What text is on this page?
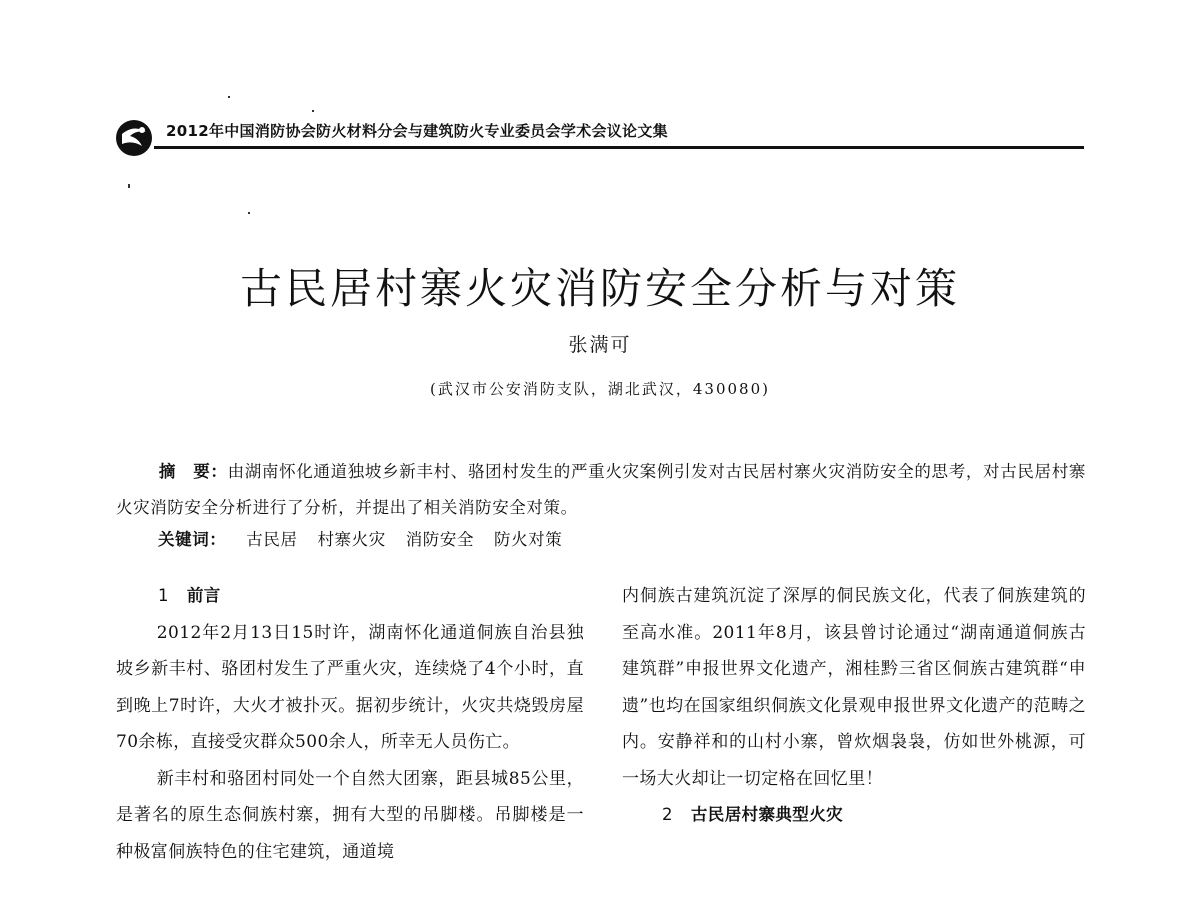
2012年中国消防协会防火材料分会与建筑防火专业委员会学术会议论文集
古民居村寨火灾消防安全分析与对策
张满可
(武汉市公安消防支队，湖北武汉，430080)
摘　要：由湖南怀化通道独坡乡新丰村、骆团村发生的严重火灾案例引发对古民居村寨火灾消防安全的思考，对古民居村寨火灾消防安全分析进行了分析，并提出了相关消防安全对策。
关键词： 古民居 村寨火灾 消防安全 防火对策

1 前言

2012年2月13日15时许，湖南怀化通道侗族自治县独坡乡新丰村、骆团村发生了严重火灾，连续烧了4个小时，直到晚上7时许，大火才被扑灭。据初步统计，火灾共烧毁房屋70余栋，直接受灾群众500余人，所幸无人员伤亡。

新丰村和骆团村同处一个自然大团寨，距县城85公里，是著名的原生态侗族村寨，拥有大型的吊脚楼。吊脚楼是一种极富侗族特色的住宅建筑，通道境

内侗族古建筑沉淀了深厚的侗民族文化，代表了侗族建筑的至高水准。2011年8月，该县曾讨论通过“湖南通道侗族古建筑群”申报世界文化遗产，湘桂黔三省区侗族古建筑群“申遗”也均在国家组织侗族文化景观申报世界文化遗产的范畴之内。安静祥和的山村小寨，曾炊烟袅袅，仿如世外桃源，可一场大火却让一切定格在回忆里！

2 古民居村寨典型火灾
